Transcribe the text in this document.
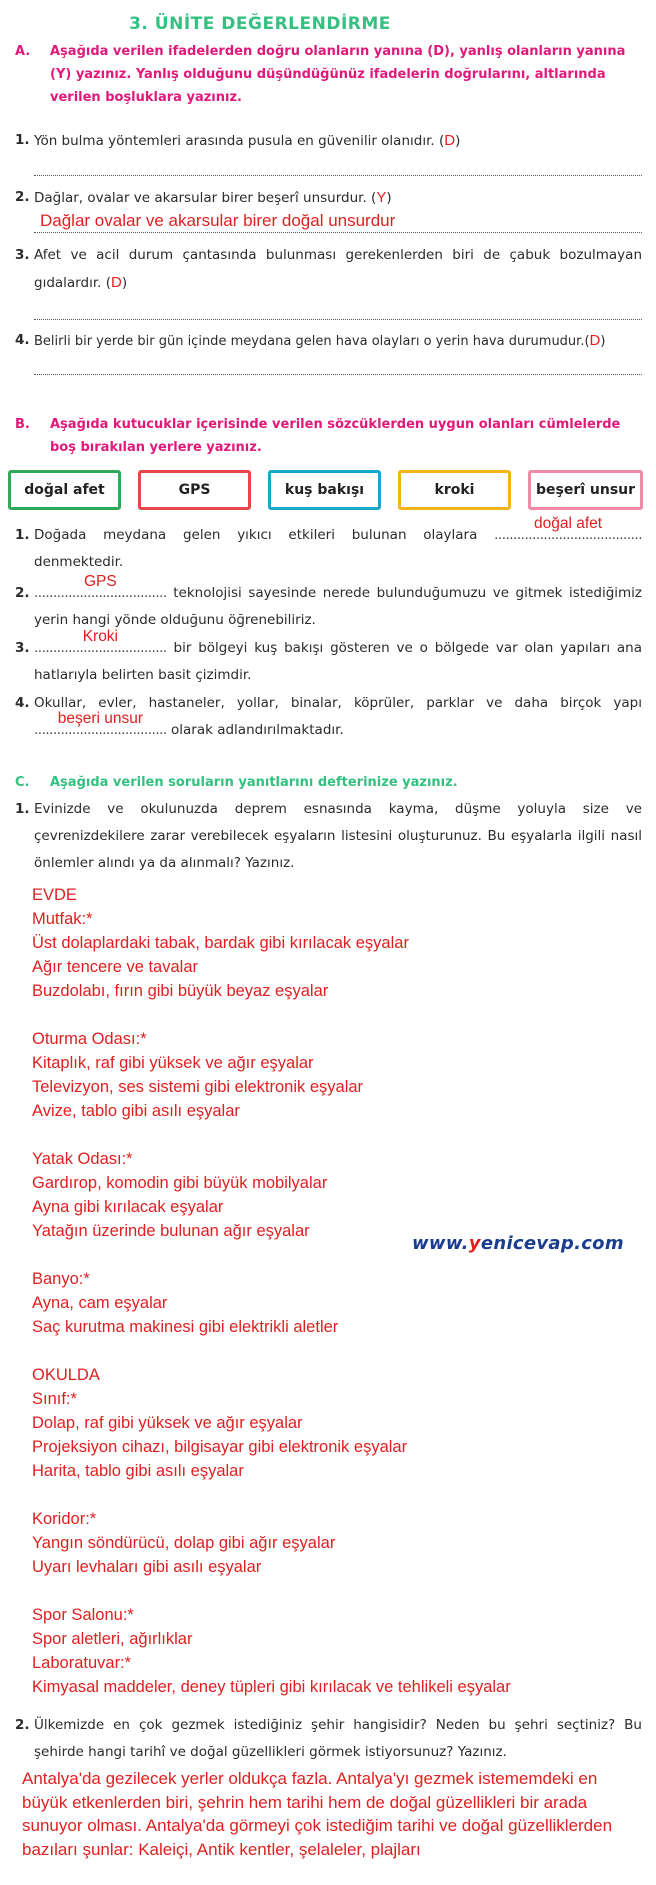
3. ÜNİTE DEĞERLENDİRME
A. Aşağıda verilen ifadelerden doğru olanların yanına (D), yanlış olanların yanına (Y) yazınız. Yanlış olduğunu düşündüğünüz ifadelerin doğrularını, altlarında verilen boşluklara yazınız.
1. Yön bulma yöntemleri arasında pusula en güvenilir olanıdır. (D)
2. Dağlar, ovalar ve akarsular birer beşerî unsurdur. (Y)
Dağlar ovalar ve akarsular birer doğal unsurdur
3. Afet ve acil durum çantasında bulunması gerekenlerden biri de çabuk bozulmayan gıdalardır. (D)
4. Belirli bir yerde bir gün içinde meydana gelen hava olayları o yerin hava durumudur.(D)
B. Aşağıda kutucuklar içerisinde verilen sözcüklerden uygun olanları cümlelerde boş bırakılan yerlere yazınız.
doğal afet	GPS	kuş bakışı	kroki	beşerî unsur
1. Doğada meydana gelen yıkıcı etkileri bulunan olaylara .......................................
doğal afet
denmektedir.
2. ...................................
GPS
teknolojisi sayesinde nerede bulunduğumuzu ve gitmek istediğimiz yerin hangi yönde olduğunu öğrenebiliriz.
3. ...................................
Kroki
bir bölgeyi kuş bakışı gösteren ve o bölgede var olan yapıları ana hatlarıyla belirten basit çizimdir.
4. Okullar, evler, hastaneler, yollar, binalar, köprüler, parklar ve daha birçok yapı ...................................
beşeri unsur
olarak adlandırılmaktadır.
C. Aşağıda verilen soruların yanıtlarını defterinize yazınız.
1. Evinizde ve okulunuzda deprem esnasında kayma, düşme yoluyla size ve çevrenizdekilere zarar verebilecek eşyaların listesini oluşturunuz. Bu eşyalarla ilgili nasıl önlemler alındı ya da alınmalı? Yazınız.
EVDE
Mutfak:*
Üst dolaplardaki tabak, bardak gibi kırılacak eşyalar
Ağır tencere ve tavalar
Buzdolabı, fırın gibi büyük beyaz eşyalar
Oturma Odası:*
Kitaplık, raf gibi yüksek ve ağır eşyalar
Televizyon, ses sistemi gibi elektronik eşyalar
Avize, tablo gibi asılı eşyalar
Yatak Odası:*
Gardırop, komodin gibi büyük mobilyalar
Ayna gibi kırılacak eşyalar
Yatağın üzerinde bulunan ağır eşyalar
Banyo:*
Ayna, cam eşyalar
Saç kurutma makinesi gibi elektrikli aletler
OKULDA
Sınıf:*
Dolap, raf gibi yüksek ve ağır eşyalar
Projeksiyon cihazı, bilgisayar gibi elektronik eşyalar
Harita, tablo gibi asılı eşyalar
Koridor:*
Yangın söndürücü, dolap gibi ağır eşyalar
Uyarı levhaları gibi asılı eşyalar
Spor Salonu:*
Spor aletleri, ağırlıklar
Laboratuvar:*
Kimyasal maddeler, deney tüpleri gibi kırılacak ve tehlikeli eşyalar
www.yenicevap.com
2. Ülkemizde en çok gezmek istediğiniz şehir hangisidir? Neden bu şehri seçtiniz? Bu şehirde hangi tarihî ve doğal güzellikleri görmek istiyorsunuz? Yazınız.
Antalya'da gezilecek yerler oldukça fazla. Antalya'yı gezmek istememdeki en büyük etkenlerden biri, şehrin hem tarihi hem de doğal güzellikleri bir arada sunuyor olması. Antalya'da görmeyi çok istediğim tarihi ve doğal güzelliklerden bazıları şunlar: Kaleiçi, Antik kentler, şelaleler, plajları
